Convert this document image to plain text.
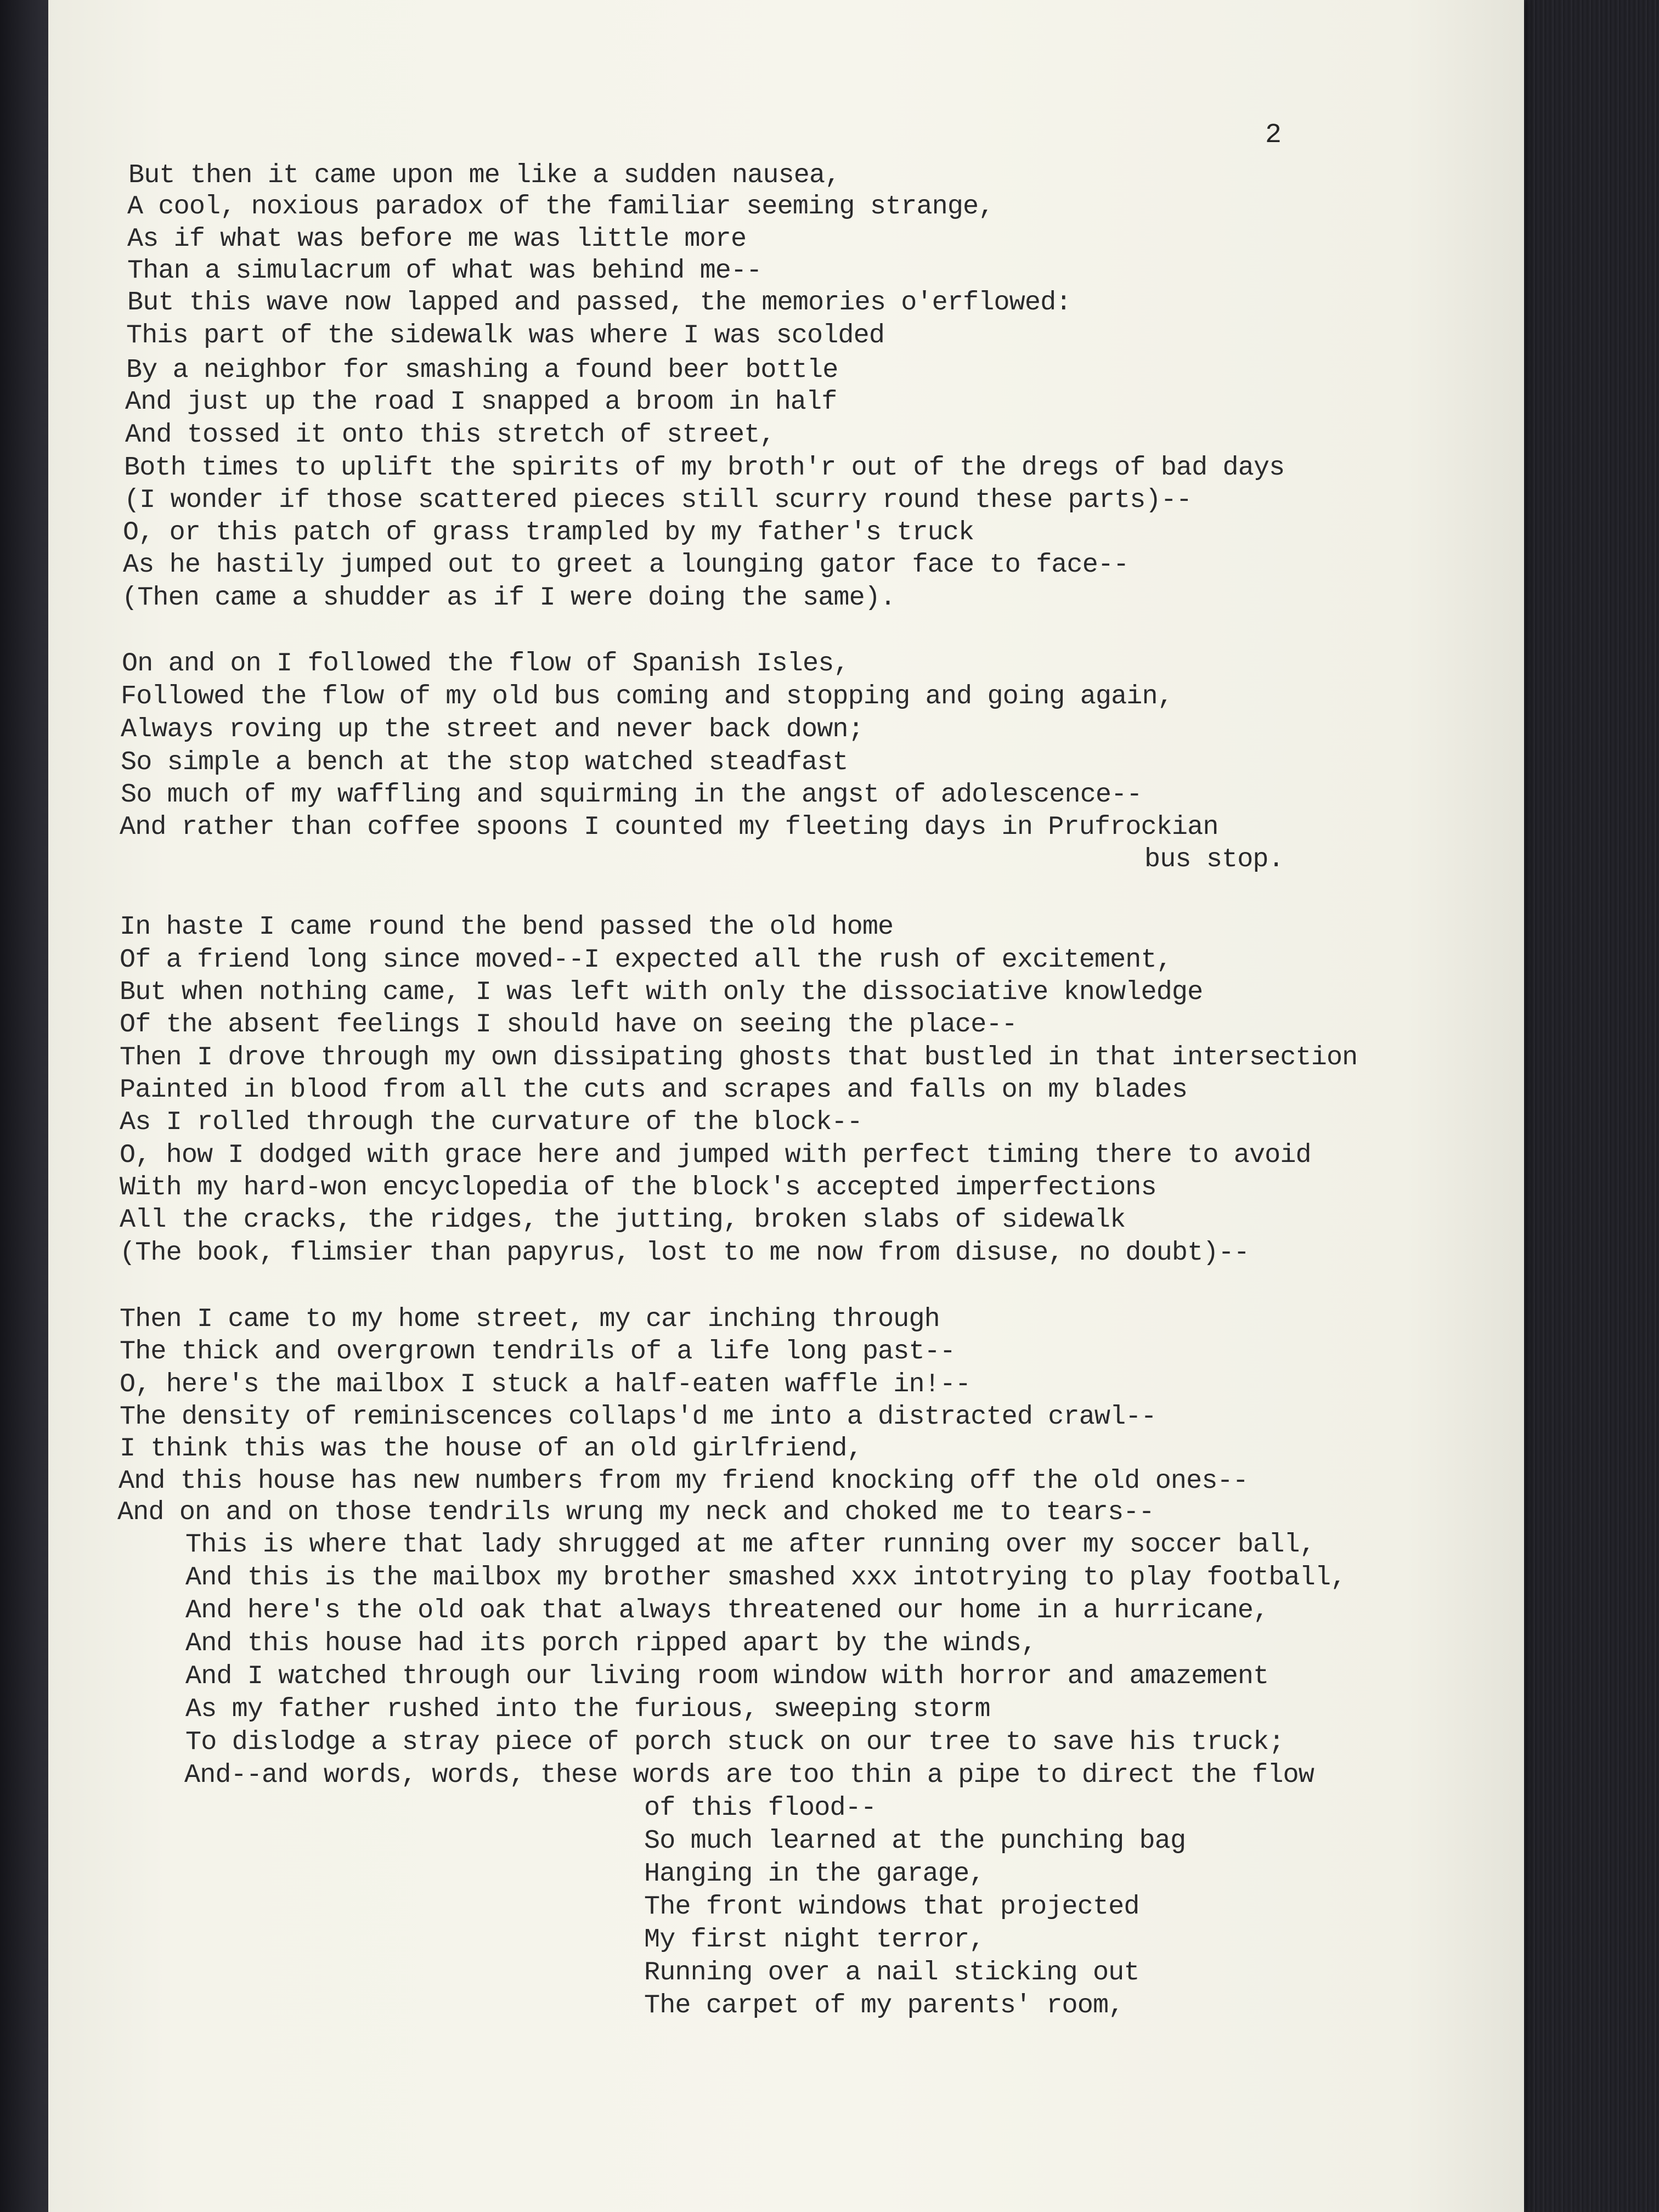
2

But then it came upon me like a sudden nausea,

A cool, noxious paradox of the familiar seeming strange,

As if what was before me was little more

Than a simulacrum of what was behind me--

But this wave now lapped and passed, the memories o'erflowed:

This part of the sidewalk was where I was scolded

By a neighbor for smashing a found beer bottle

And just up the road I snapped a broom in half

And tossed it onto this stretch of street,

Both times to uplift the spirits of my broth'r out of the dregs of bad days

(I wonder if those scattered pieces still scurry round these parts)--

O, or this patch of grass trampled by my father's truck

As he hastily jumped out to greet a lounging gator face to face--

(Then came a shudder as if I were doing the same).

On and on I followed the flow of Spanish Isles,

Followed the flow of my old bus coming and stopping and going again,

Always roving up the street and never back down;

So simple a bench at the stop watched steadfast

So much of my waffling and squirming in the angst of adolescence--

And rather than coffee spoons I counted my fleeting days in Prufrockian

bus stop.

In haste I came round the bend passed the old home

Of a friend long since moved--I expected all the rush of excitement,

But when nothing came, I was left with only the dissociative knowledge

Of the absent feelings I should have on seeing the place--

Then I drove through my own dissipating ghosts that bustled in that intersection

Painted in blood from all the cuts and scrapes and falls on my blades

As I rolled through the curvature of the block--

O, how I dodged with grace here and jumped with perfect timing there to avoid

With my hard-won encyclopedia of the block's accepted imperfections

All the cracks, the ridges, the jutting, broken slabs of sidewalk

(The book, flimsier than papyrus, lost to me now from disuse, no doubt)--

Then I came to my home street, my car inching through

The thick and overgrown tendrils of a life long past--

O, here's the mailbox I stuck a half-eaten waffle in!--

The density of reminiscences collaps'd me into a distracted crawl--

I think this was the house of an old girlfriend,

And this house has new numbers from my friend knocking off the old ones--

And on and on those tendrils wrung my neck and choked me to tears--

This is where that lady shrugged at me after running over my soccer ball,

And this is the mailbox my brother smashed xxx intotrying to play football,

And here's the old oak that always threatened our home in a hurricane,

And this house had its porch ripped apart by the winds,

And I watched through our living room window with horror and amazement

As my father rushed into the furious, sweeping storm

To dislodge a stray piece of porch stuck on our tree to save his truck;

And--and words, words, these words are too thin a pipe to direct the flow

of this flood--

So much learned at the punching bag

Hanging in the garage,

The front windows that projected

My first night terror,

Running over a nail sticking out

The carpet of my parents' room,
